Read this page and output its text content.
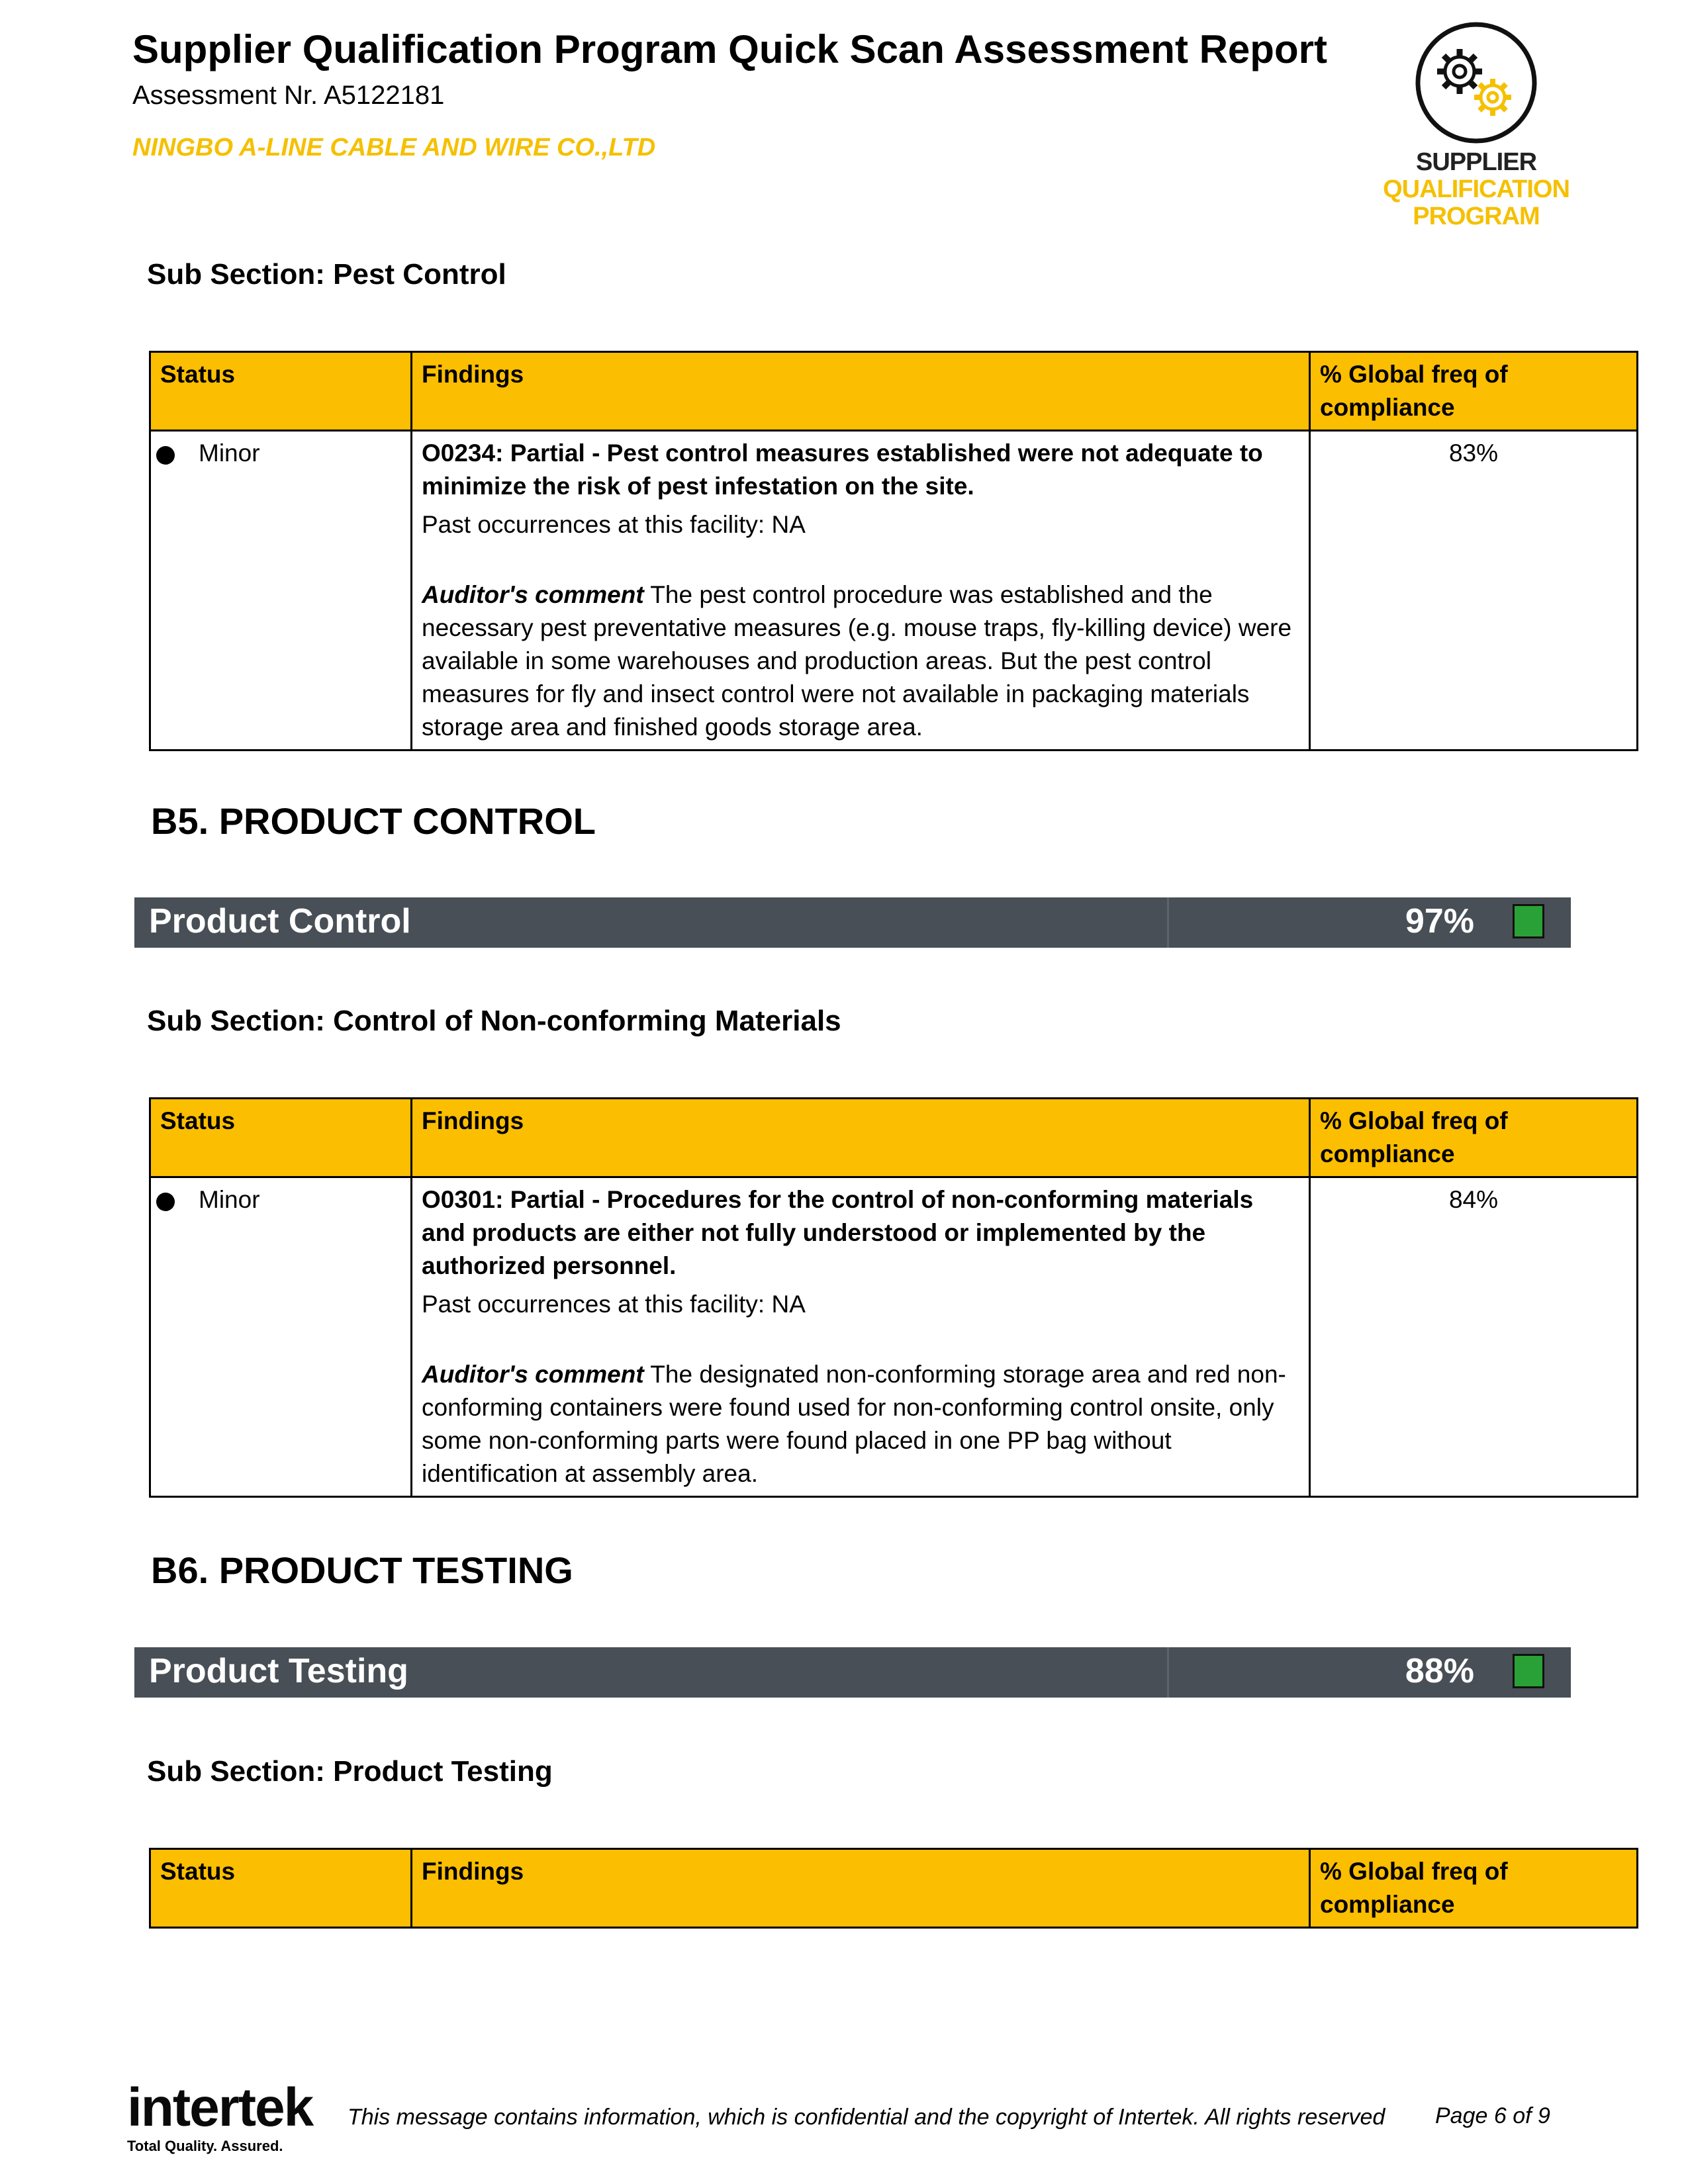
Supplier Qualification Program Quick Scan Assessment Report
Assessment Nr. A5122181
NINGBO A-LINE CABLE AND WIRE CO.,LTD
SUPPLIER
QUALIFICATION
PROGRAM
Sub Section: Pest Control
Status	Findings	% Global freq of compliance

Minor	O0234: Partial - Pest control measures established were not adequate to minimize the risk of pest infestation on the site.
Past occurrences at this facility: NA
Auditor's comment The pest control procedure was established and the necessary pest preventative measures (e.g. mouse traps, fly-killing device) were available in some warehouses and production areas. But the pest control measures for fly and insect control were not available in packaging materials storage area and finished goods storage area.	83%
B5. PRODUCT CONTROL
Product Control	97%
Sub Section: Control of Non-conforming Materials
Status	Findings	% Global freq of compliance

Minor	O0301: Partial - Procedures for the control of non-conforming materials and products are either not fully understood or implemented by the authorized personnel.
Past occurrences at this facility: NA
Auditor's comment The designated non-conforming storage area and red non-conforming containers were found used for non-conforming control onsite, only some non-conforming parts were found placed in one PP bag without identification at assembly area.	84%
B6. PRODUCT TESTING
Product Testing	88%
Sub Section: Product Testing
Status	Findings	% Global freq of compliance
intertek
Total Quality. Assured.
This message contains information, which is confidential and the copyright of Intertek. All rights reserved Page 6 of 9
